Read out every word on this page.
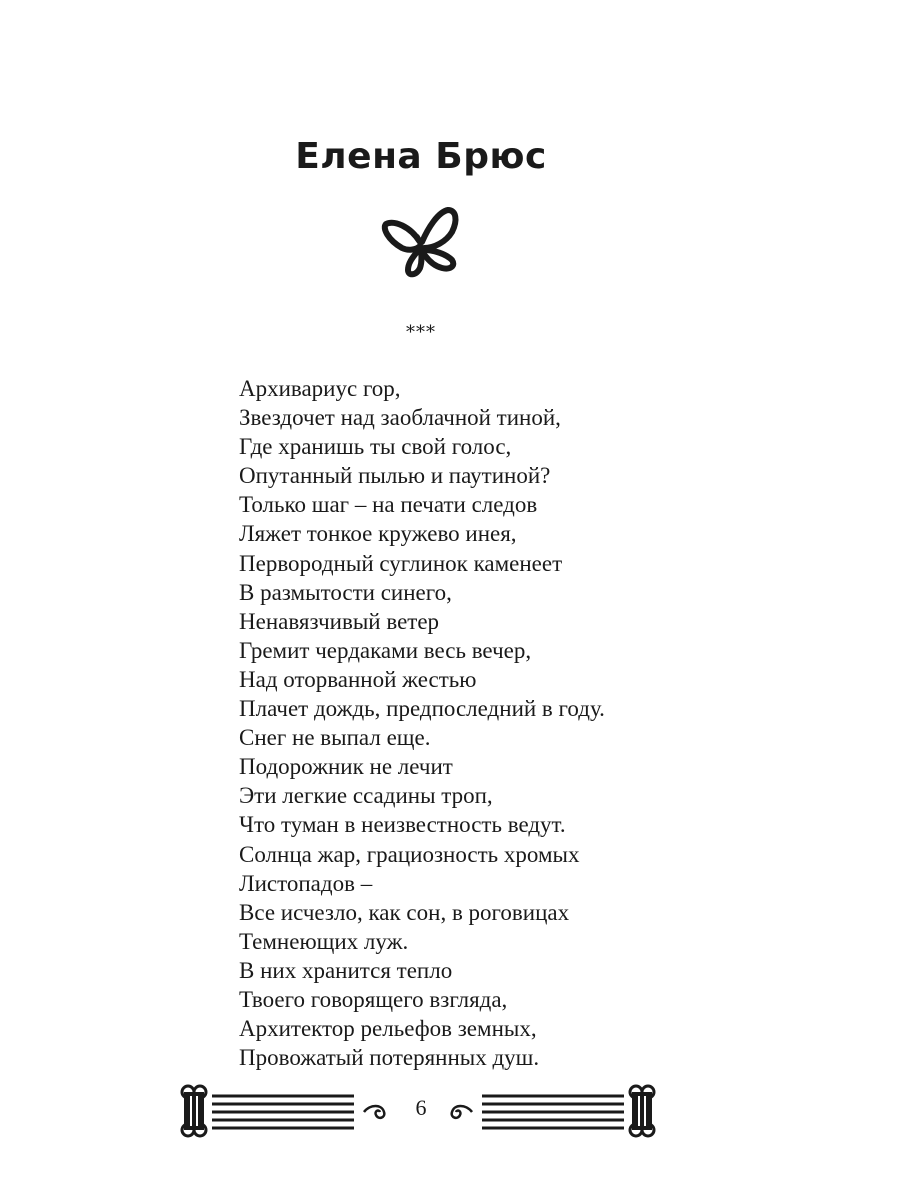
Елена Брюс
***
Архивариус гор,
Звездочет над заоблачной тиной,
Где хранишь ты свой голос,
Опутанный пылью и паутиной?
Только шаг – на печати следов
Ляжет тонкое кружево инея,
Первородный суглинок каменеет
В размытости синего,
Ненавязчивый ветер
Гремит чердаками весь вечер,
Над оторванной жестью
Плачет дождь, предпоследний в году.
Снег не выпал еще.
Подорожник не лечит
Эти легкие ссадины троп,
Что туман в неизвестность ведут.
Солнца жар, грациозность хромых
Листопадов –
Все исчезло, как сон, в роговицах
Темнеющих луж.
В них хранится тепло
Твоего говорящего взгляда,
Архитектор рельефов земных,
Провожатый потерянных душ.
6
